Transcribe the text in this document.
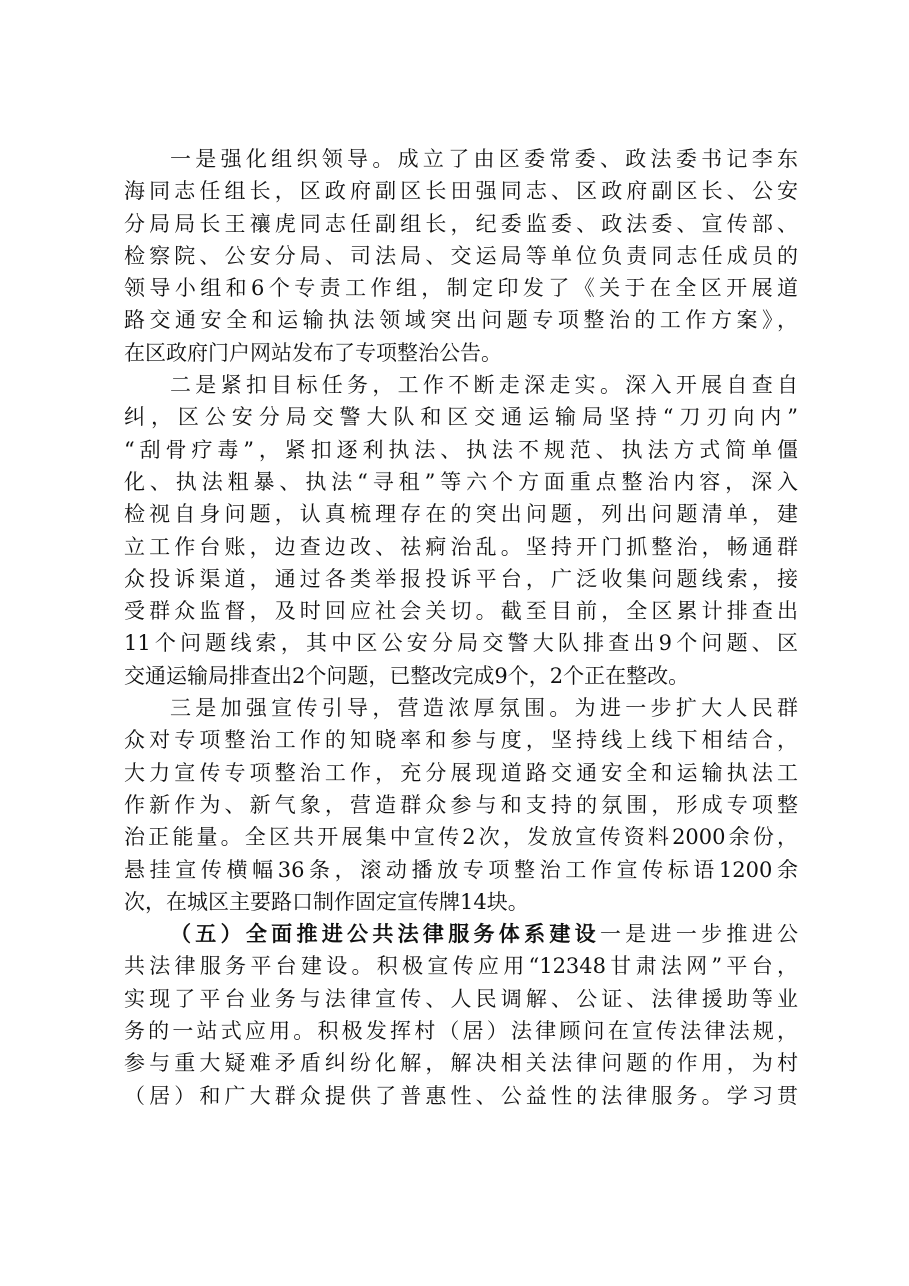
一是强化组织领导。成立了由区委常委、政法委书记李东
海同志任组长，区政府副区长田强同志、区政府副区长、公安
分局局长王禳虎同志任副组长，纪委监委、政法委、宣传部、
检察院、公安分局、司法局、交运局等单位负责同志任成员的
领导小组和6个专责工作组，制定印发了《关于在全区开展道
路交通安全和运输执法领域突出问题专项整治的工作方案》，
在区政府门户网站发布了专项整治公告。
二是紧扣目标任务，工作不断走深走实。深入开展自查自
纠，区公安分局交警大队和区交通运输局坚持“刀刃向内”
“刮骨疗毒”，紧扣逐利执法、执法不规范、执法方式简单僵
化、执法粗暴、执法“寻租”等六个方面重点整治内容，深入
检视自身问题，认真梳理存在的突出问题，列出问题清单，建
立工作台账，边查边改、祛痾治乱。坚持开门抓整治，畅通群
众投诉渠道，通过各类举报投诉平台，广泛收集问题线索，接
受群众监督，及时回应社会关切。截至目前，全区累计排查出
11个问题线索，其中区公安分局交警大队排查出9个问题、区
交通运输局排查出2个问题，已整改完成9个，2个正在整改。
三是加强宣传引导，营造浓厚氛围。为进一步扩大人民群
众对专项整治工作的知晓率和参与度，坚持线上线下相结合，
大力宣传专项整治工作，充分展现道路交通安全和运输执法工
作新作为、新气象，营造群众参与和支持的氛围，形成专项整
治正能量。全区共开展集中宣传2次，发放宣传资料2000余份，
悬挂宣传横幅36条，滚动播放专项整治工作宣传标语1200余
次，在城区主要路口制作固定宣传牌14块。
（五）全面推进公共法律服务体系建设一是进一步推进公
共法律服务平台建设。积极宣传应用“12348甘肃法网”平台，
实现了平台业务与法律宣传、人民调解、公证、法律援助等业
务的一站式应用。积极发挥村（居）法律顾问在宣传法律法规，
参与重大疑难矛盾纠纷化解，解决相关法律问题的作用，为村
（居）和广大群众提供了普惠性、公益性的法律服务。学习贯
